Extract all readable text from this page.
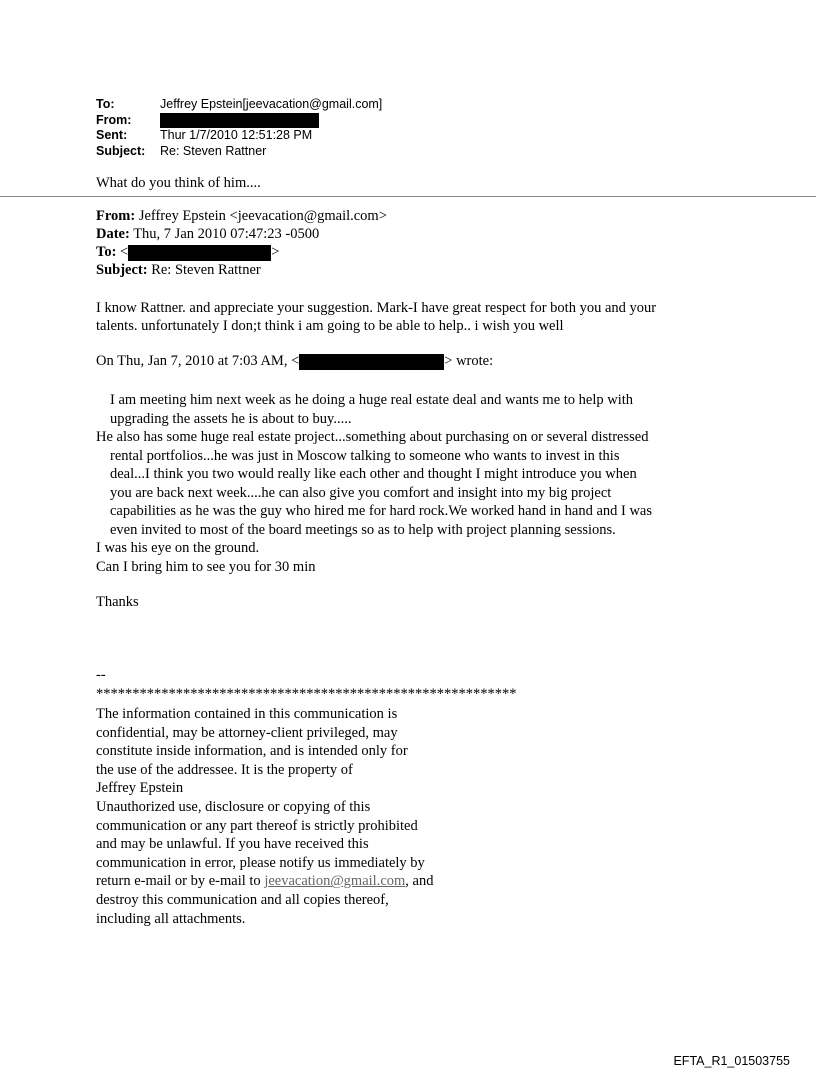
To:	Jeffrey Epstein[jeevacation@gmail.com]
From:
Sent:	Thur 1/7/2010 12:51:28 PM
Subject:	Re: Steven Rattner
What do you think of him....
From: Jeffrey Epstein <jeevacation@gmail.com>
Date: Thu, 7 Jan 2010 07:47:23 -0500
To: <	>
Subject: Re: Steven Rattner
I know Rattner. and appreciate your suggestion. Mark-I have great respect for both you and your
talents. unfortunately I don;t think i am going to be able to help.. i wish you well
On Thu, Jan 7, 2010 at 7:03 AM, <	> wrote:
I am meeting him next week as he doing a huge real estate deal and wants me to help with
upgrading the assets he is about to buy.....
He also has some huge real estate project...something about purchasing on or several distressed
rental portfolios...he was just in Moscow talking to someone who wants to invest in this
deal...I think you two would really like each other and thought I might introduce you when
you are back next week....he can also give you comfort and insight into my big project
capabilities as he was the guy who hired me for hard rock.We worked hand in hand and I was
even invited to most of the board meetings so as to help with project planning sessions.
I was his eye on the ground.
Can I bring him to see you for 30 min
Thanks
--
**********************************************************
The information contained in this communication is
confidential, may be attorney-client privileged, may
constitute inside information, and is intended only for
the use of the addressee. It is the property of
Jeffrey Epstein
Unauthorized use, disclosure or copying of this
communication or any part thereof is strictly prohibited
and may be unlawful. If you have received this
communication in error, please notify us immediately by
return e-mail or by e-mail to jeevacation@gmail.com, and
destroy this communication and all copies thereof,
including all attachments.
EFTA_R1_01503755
